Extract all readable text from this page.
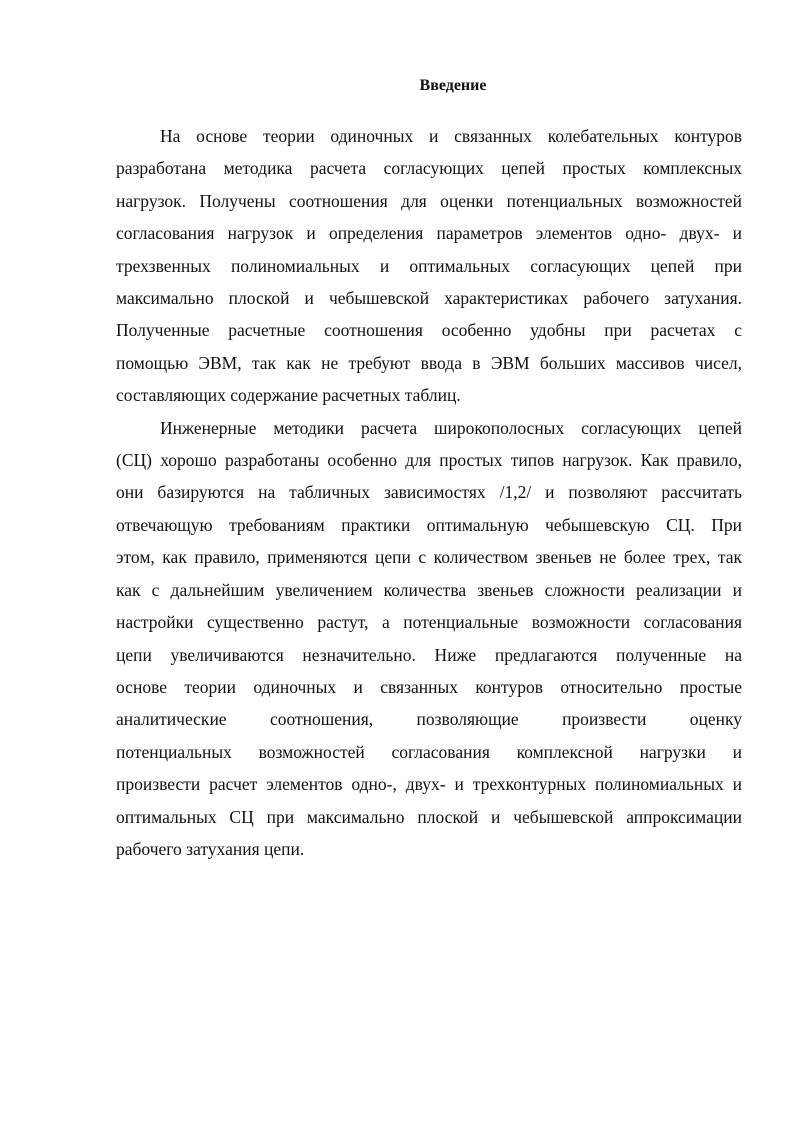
Введение

На основе теории одиночных и связанных колебательных контуров
разработана методика расчета согласующих цепей простых комплексных
нагрузок. Получены соотношения для оценки потенциальных возможностей
согласования нагрузок и определения параметров элементов одно- двух- и
трехзвенных полиномиальных и оптимальных согласующих цепей при
максимально плоской и чебышевской характеристиках рабочего затухания.
Полученные расчетные соотношения особенно удобны при расчетах с
помощью ЭВМ, так как не требуют ввода в ЭВМ больших массивов чисел,
составляющих содержание расчетных таблиц.

Инженерные методики расчета широкополосных согласующих цепей
(СЦ) хорошо разработаны особенно для простых типов нагрузок. Как правило,
они базируются на табличных зависимостях /1,2/ и позволяют рассчитать
отвечающую требованиям практики оптимальную чебышевскую СЦ. При
этом, как правило, применяются цепи с количеством звеньев не более трех, так
как с дальнейшим увеличением количества звеньев сложности реализации и
настройки существенно растут, а потенциальные возможности согласования
цепи увеличиваются незначительно. Ниже предлагаются полученные на
основе теории одиночных и связанных контуров относительно простые
аналитические соотношения, позволяющие произвести оценку
потенциальных возможностей согласования комплексной нагрузки и
произвести расчет элементов одно-, двух- и трехконтурных полиномиальных и
оптимальных СЦ при максимально плоской и чебышевской аппроксимации
рабочего затухания цепи.
